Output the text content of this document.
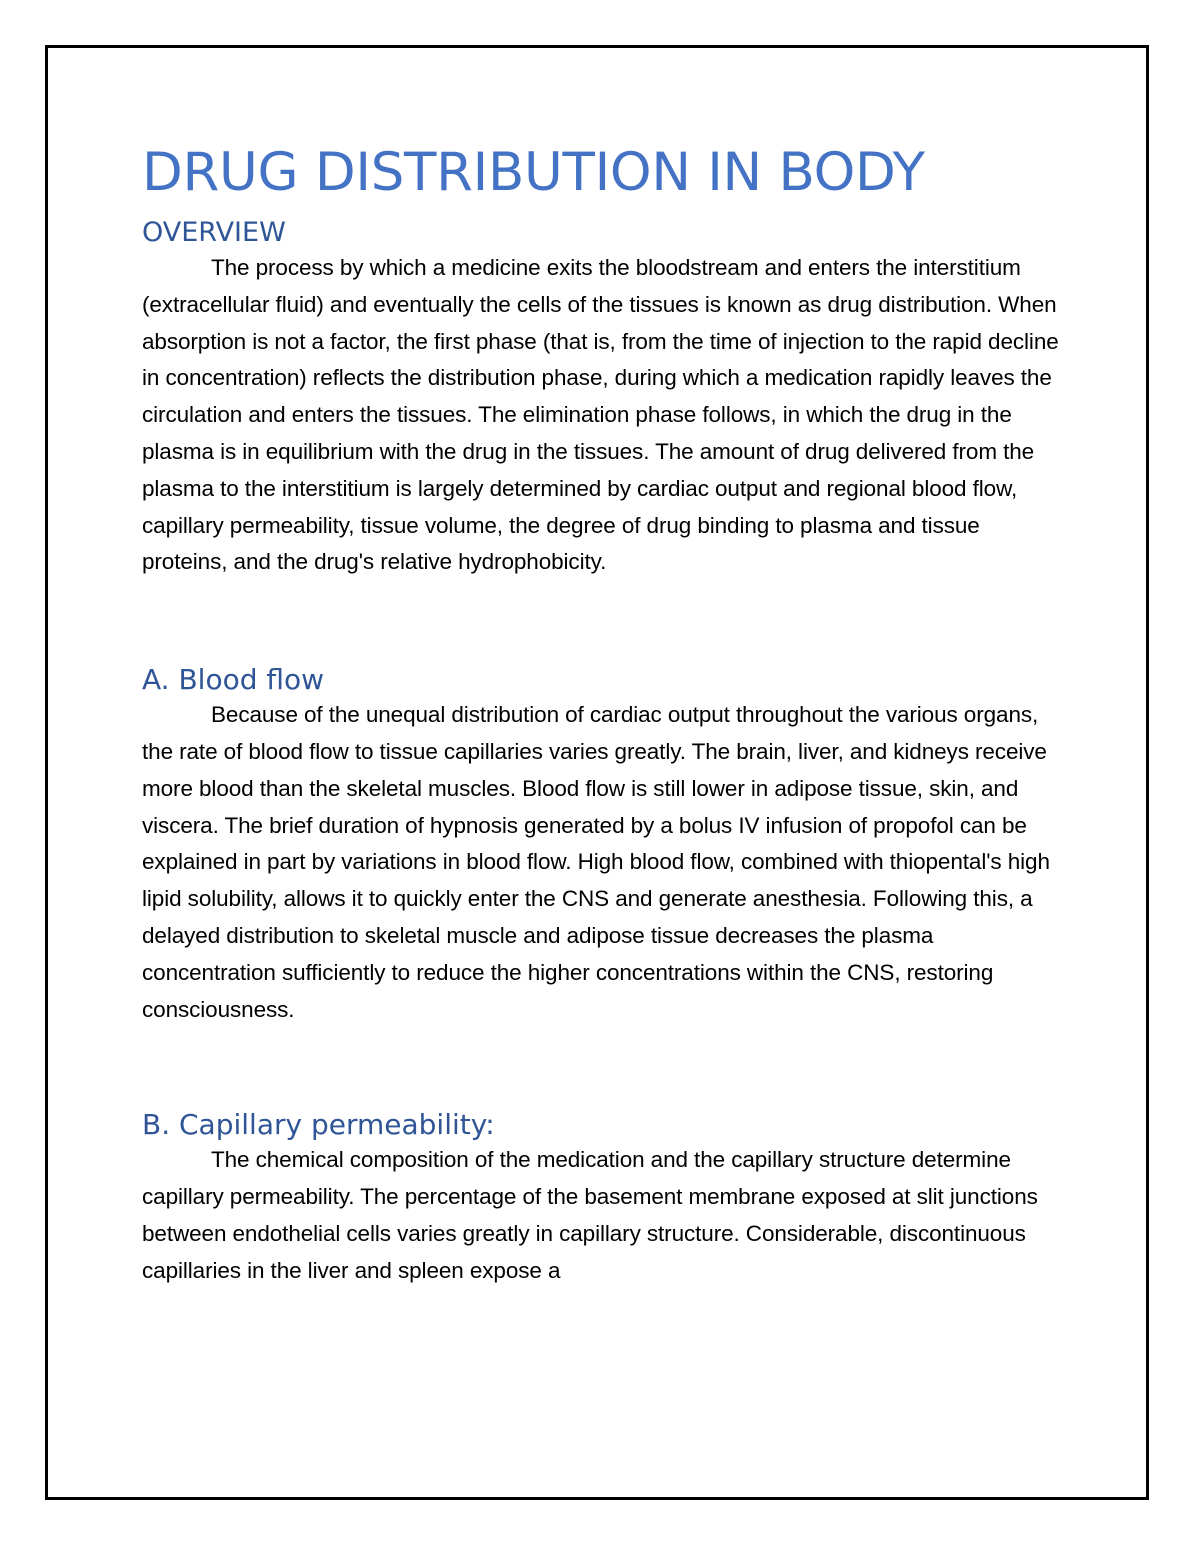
DRUG DISTRIBUTION IN BODY
OVERVIEW

The process by which a medicine exits the bloodstream and enters the interstitium (extracellular fluid) and eventually the cells of the tissues is known as drug distribution. When absorption is not a factor, the first phase (that is, from the time of injection to the rapid decline in concentration) reflects the distribution phase, during which a medication rapidly leaves the circulation and enters the tissues. The elimination phase follows, in which the drug in the plasma is in equilibrium with the drug in the tissues. The amount of drug delivered from the plasma to the interstitium is largely determined by cardiac output and regional blood flow, capillary permeability, tissue volume, the degree of drug binding to plasma and tissue proteins, and the drug's relative hydrophobicity.

A. Blood flow

Because of the unequal distribution of cardiac output throughout the various organs, the rate of blood flow to tissue capillaries varies greatly. The brain, liver, and kidneys receive more blood than the skeletal muscles. Blood flow is still lower in adipose tissue, skin, and viscera. The brief duration of hypnosis generated by a bolus IV infusion of propofol can be explained in part by variations in blood flow. High blood flow, combined with thiopental's high lipid solubility, allows it to quickly enter the CNS and generate anesthesia. Following this, a delayed distribution to skeletal muscle and adipose tissue decreases the plasma concentration sufficiently to reduce the higher concentrations within the CNS, restoring consciousness.

B. Capillary permeability:

The chemical composition of the medication and the capillary structure determine capillary permeability. The percentage of the basement membrane exposed at slit junctions between endothelial cells varies greatly in capillary structure. Considerable, discontinuous capillaries in the liver and spleen expose a
